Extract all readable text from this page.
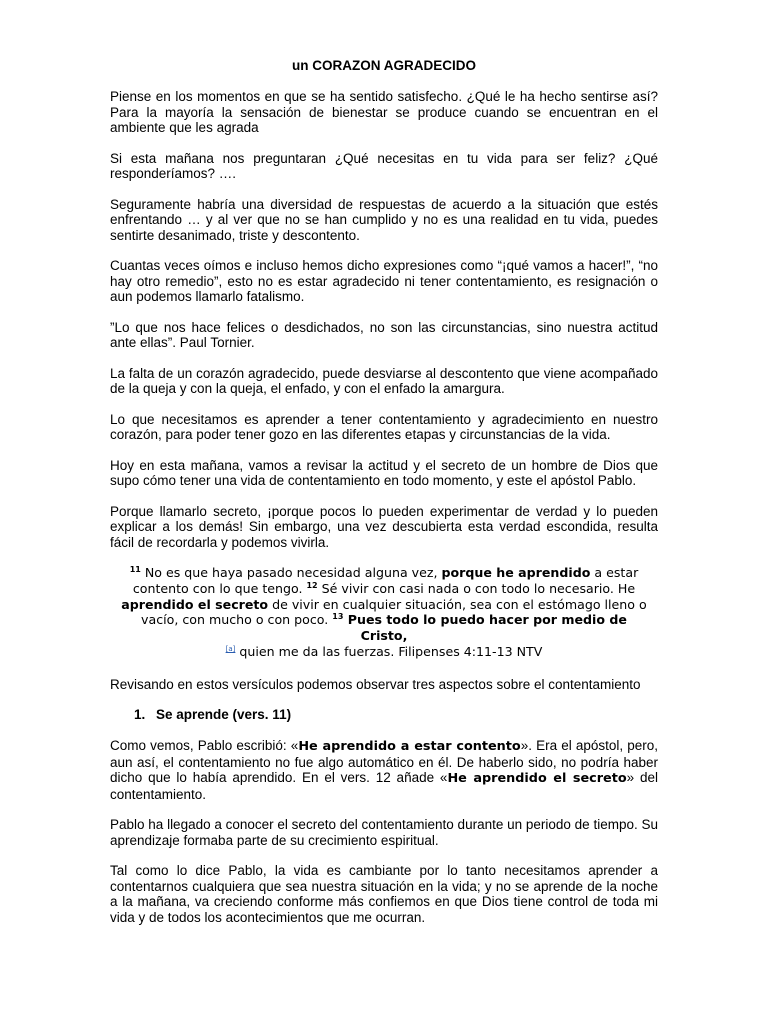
un CORAZON AGRADECIDO
Piense en los momentos en que se ha sentido satisfecho. ¿Qué le ha hecho sentirse así? Para la mayoría la sensación de bienestar se produce cuando se encuentran en el ambiente que les agrada
Si esta mañana nos preguntaran ¿Qué necesitas en tu vida para ser feliz? ¿Qué responderíamos? ….
Seguramente habría una diversidad de respuestas de acuerdo a la situación que estés enfrentando … y al ver que no se han cumplido y no es una realidad en tu vida, puedes sentirte desanimado, triste y descontento.
Cuantas veces oímos e incluso hemos dicho expresiones como “¡qué vamos a hacer!”, “no hay otro remedio”, esto no es estar agradecido ni tener contentamiento, es resignación o aun podemos llamarlo fatalismo.
”Lo que nos hace felices o desdichados, no son las circunstancias, sino nuestra actitud ante ellas”. Paul Tornier.
La falta de un corazón agradecido, puede desviarse al descontento que viene acompañado de la queja y con la queja, el enfado, y con el enfado la amargura.
Lo que necesitamos es aprender a tener contentamiento y agradecimiento en nuestro corazón, para poder tener gozo en las diferentes etapas y circunstancias de la vida.
Hoy en esta mañana, vamos a revisar la actitud y el secreto de un hombre de Dios que supo cómo tener una vida de contentamiento en todo momento, y este el apóstol Pablo.
Porque llamarlo secreto, ¡porque pocos lo pueden experimentar de verdad y lo pueden explicar a los demás! Sin embargo, una vez descubierta esta verdad escondida, resulta fácil de recordarla y podemos vivirla.
$^{11}$ No es que haya pasado necesidad alguna vez, porque he aprendido a estar contento con lo que tengo. $^{12}$ Sé vivir con casi nada o con todo lo necesario. He aprendido el secreto de vivir en cualquier situación, sea con el estómago lleno o vacío, con mucho o con poco. $^{13}$ Pues todo lo puedo hacer por medio de Cristo,
[a] quien me da las fuerzas. Filipenses 4:11-13 NTV
Revisando en estos versículos podemos observar tres aspectos sobre el contentamiento
1. Se aprende (vers. 11)
Como vemos, Pablo escribió: «He aprendido a estar contento». Era el apóstol, pero, aun así, el contentamiento no fue algo automático en él. De haberlo sido, no podría haber dicho que lo había aprendido. En el vers. 12 añade «He aprendido el secreto» del contentamiento.
Pablo ha llegado a conocer el secreto del contentamiento durante un periodo de tiempo. Su aprendizaje formaba parte de su crecimiento espiritual.
Tal como lo dice Pablo, la vida es cambiante por lo tanto necesitamos aprender a contentarnos cualquiera que sea nuestra situación en la vida; y no se aprende de la noche a la mañana, va creciendo conforme más confiemos en que Dios tiene control de toda mi vida y de todos los acontecimientos que me ocurran.
